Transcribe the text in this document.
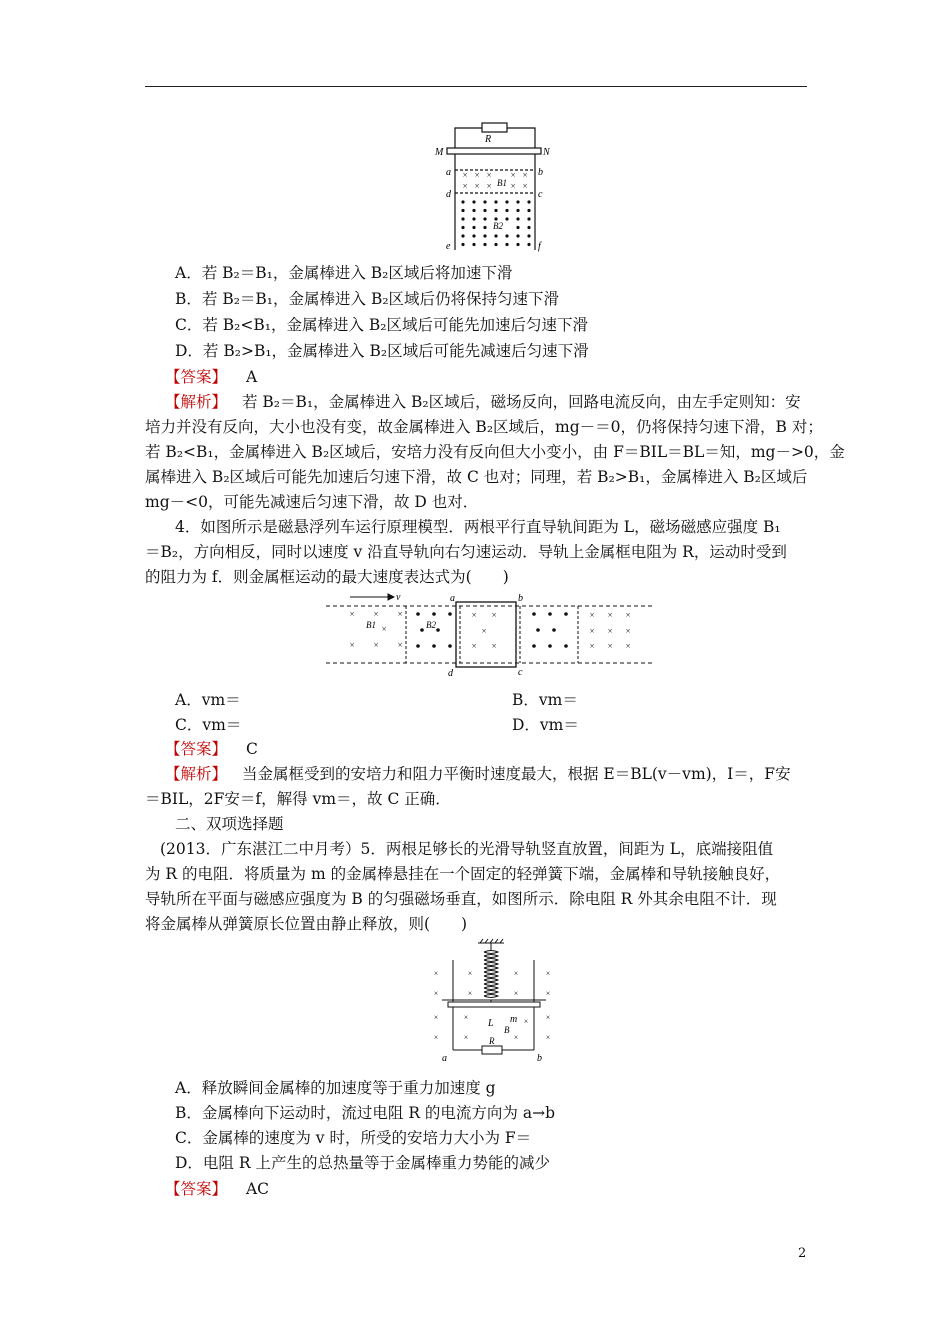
× × × × ×
× × × × ×
R
M	N
a	b
d	c
e	f
B1
B2
A．若 B₂＝B₁，金属棒进入 B₂区域后将加速下滑
B．若 B₂＝B₁，金属棒进入 B₂区域后仍将保持匀速下滑
C．若 B₂<B₁，金属棒进入 B₂区域后可能先加速后匀速下滑
D．若 B₂>B₁，金属棒进入 B₂区域后可能先减速后匀速下滑
【答案】 A
【解析】 若 B₂＝B₁，金属棒进入 B₂区域后，磁场反向，回路电流反向，由左手定则知：安
培力并没有反向，大小也没有变，故金属棒进入 B₂区域后，mg－＝0，仍将保持匀速下滑，B 对；
若 B₂<B₁，金属棒进入 B₂区域后，安培力没有反向但大小变小，由 F＝BIL＝BL＝知，mg－>0，金
属棒进入 B₂区域后可能先加速后匀速下滑，故 C 也对；同理，若 B₂>B₁，金属棒进入 B₂区域后
mg－<0，可能先减速后匀速下滑，故 D 也对．
4．如图所示是磁悬浮列车运行原理模型．两根平行直导轨间距为 L，磁场磁感应强度 B₁
＝B₂，方向相反，同时以速度 v 沿直导轨向右匀速运动．导轨上金属框电阻为 R，运动时受到
的阻力为 f．则金属框运动的最大速度表达式为(　　)
× × ×
×
× × ×
× ×
×
× ×
× × ×
× × ×
× × ×
v	a	b
c
d
B1	B2
A．vm＝	B．vm＝
C．vm＝	D．vm＝
【答案】 C
【解析】 当金属框受到的安培力和阻力平衡时速度最大，根据 E＝BL(v－vm)，I＝，F安
＝BIL，2F安＝f，解得 vm＝，故 C 正确．
二、双项选择题
(2013．广东湛江二中月考）5．两根足够长的光滑导轨竖直放置，间距为 L，底端接阻值
为 R 的电阻．将质量为 m 的金属棒悬挂在一个固定的轻弹簧下端，金属棒和导轨接触良好，
导轨所在平面与磁感应强度为 B 的匀强磁场垂直，如图所示．除电阻 R 外其余电阻不计．现
将金属棒从弹簧原长位置由静止释放，则(　　)
×	×	×	×
×	×	×	×
×	×	× ×
×	×	×	×
L m
B
R
a	b
A．释放瞬间金属棒的加速度等于重力加速度 g
B．金属棒向下运动时，流过电阻 R 的电流方向为 a→b
C．金属棒的速度为 v 时，所受的安培力大小为 F＝
D．电阻 R 上产生的总热量等于金属棒重力势能的减少
【答案】 AC
2
